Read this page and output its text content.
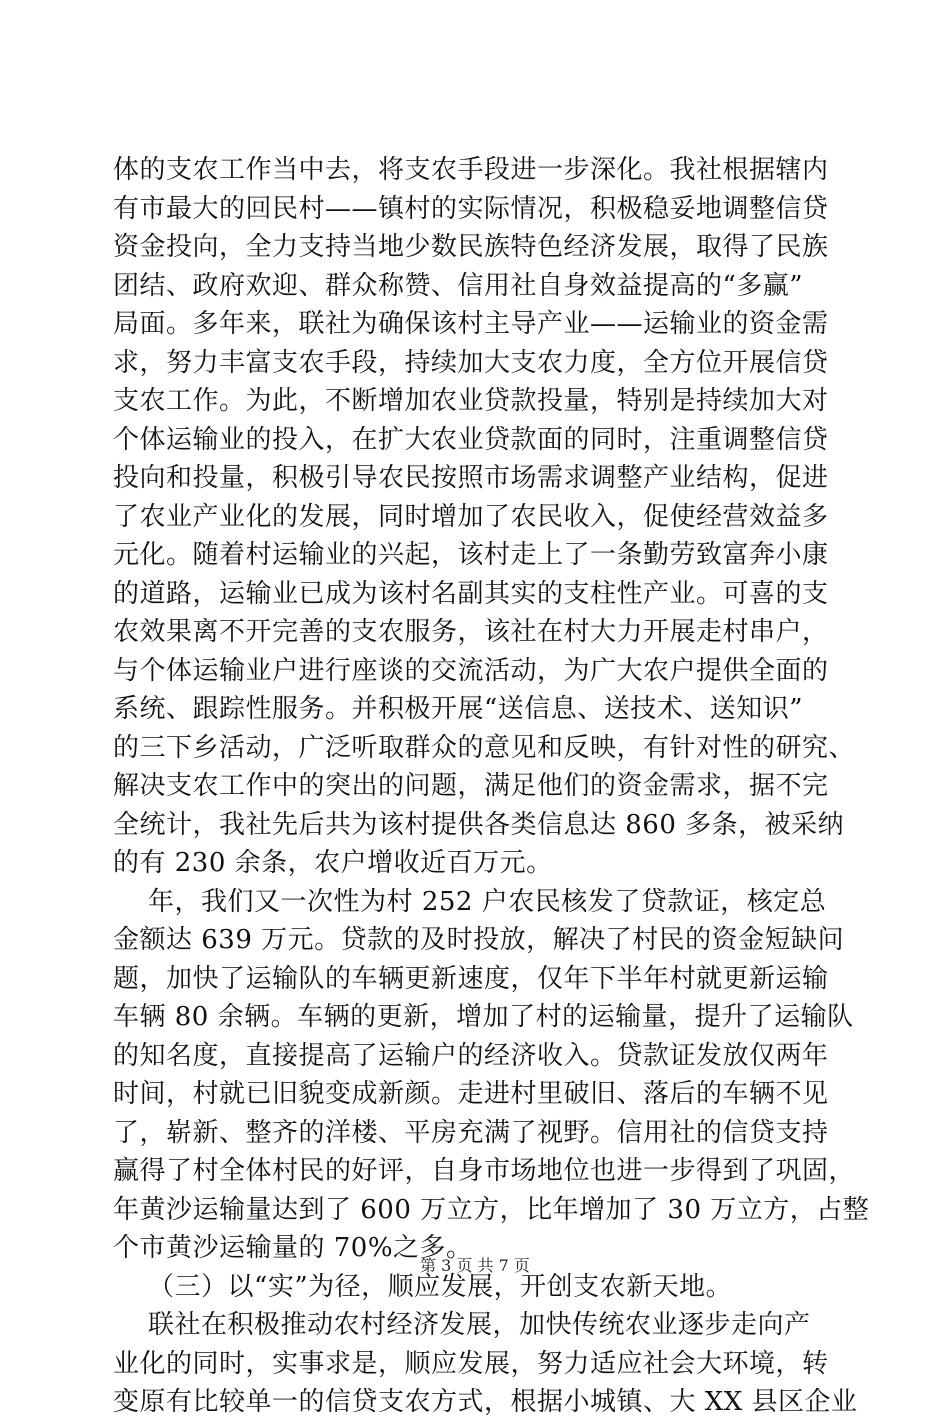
体的支农工作当中去，将支农手段进一步深化。我社根据辖内
有市最大的回民村——镇村的实际情况，积极稳妥地调整信贷
资金投向，全力支持当地少数民族特色经济发展，取得了民族
团结、政府欢迎、群众称赞、信用社自身效益提高的“多赢”
局面。多年来，联社为确保该村主导产业——运输业的资金需
求，努力丰富支农手段，持续加大支农力度，全方位开展信贷
支农工作。为此，不断增加农业贷款投量，特别是持续加大对
个体运输业的投入，在扩大农业贷款面的同时，注重调整信贷
投向和投量，积极引导农民按照市场需求调整产业结构，促进
了农业产业化的发展，同时增加了农民收入，促使经营效益多
元化。随着村运输业的兴起，该村走上了一条勤劳致富奔小康
的道路，运输业已成为该村名副其实的支柱性产业。可喜的支
农效果离不开完善的支农服务，该社在村大力开展走村串户，
与个体运输业户进行座谈的交流活动，为广大农户提供全面的
系统、跟踪性服务。并积极开展“送信息、送技术、送知识”
的三下乡活动，广泛听取群众的意见和反映，有针对性的研究、
解决支农工作中的突出的问题，满足他们的资金需求，据不完
全统计，我社先后共为该村提供各类信息达 860 多条，被采纳
的有 230 余条，农户增收近百万元。
年，我们又一次性为村 252 户农民核发了贷款证，核定总
金额达 639 万元。贷款的及时投放，解决了村民的资金短缺问
题，加快了运输队的车辆更新速度，仅年下半年村就更新运输
车辆 80 余辆。车辆的更新，增加了村的运输量，提升了运输队
的知名度，直接提高了运输户的经济收入。贷款证发放仅两年
时间，村就已旧貌变成新颜。走进村里破旧、落后的车辆不见
了，崭新、整齐的洋楼、平房充满了视野。信用社的信贷支持
赢得了村全体村民的好评，自身市场地位也进一步得到了巩固，
年黄沙运输量达到了 600 万立方，比年增加了 30 万立方，占整
个市黄沙运输量的 70%之多。
（三）以“实”为径，顺应发展，开创支农新天地。
联社在积极推动农村经济发展，加快传统农业逐步走向产
业化的同时，实事求是，顺应发展，努力适应社会大环境，转
变原有比较单一的信贷支农方式，根据小城镇、大 XX 县区企业
第 3 页 共 7 页
